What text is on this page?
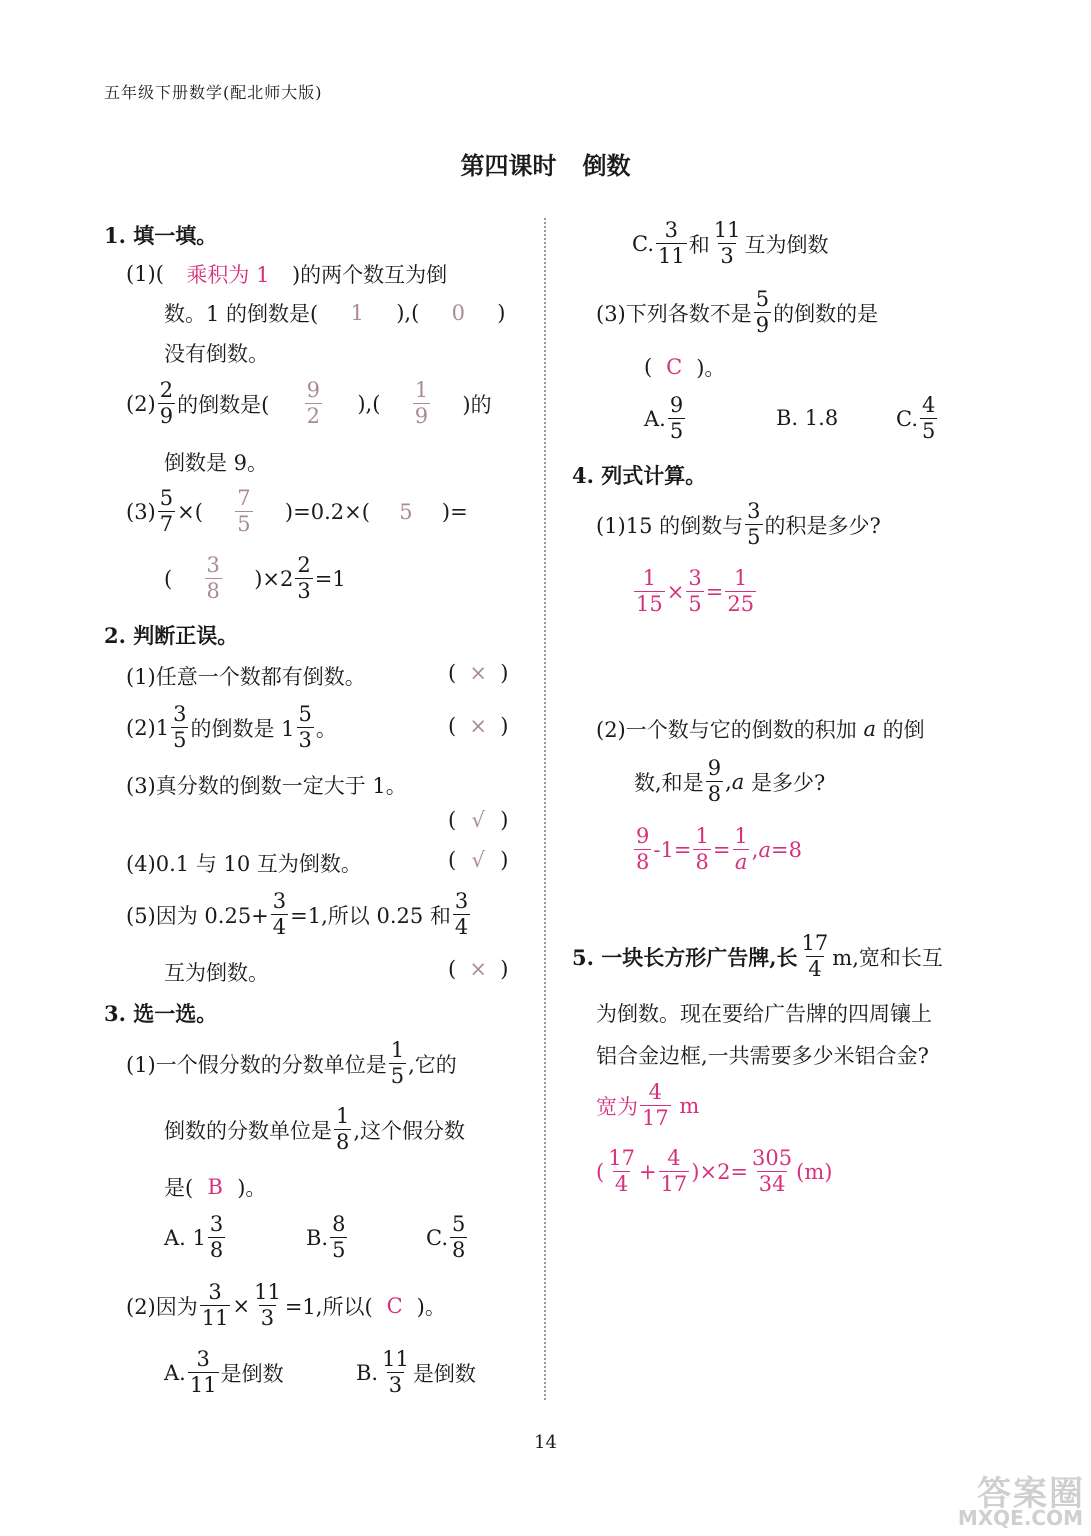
五年级下册数学(配北师大版)
第四课时 倒数
1. 填一填。
(1)(	乘积为 1	)的两个数互为倒
数。1 的倒数是(	1	),(	0	)
没有倒数。
$(2) \frac{2}{9}$ 的倒数是( $\frac{9}{2}$ ),( $\frac{1}{9}$ )的
倒数是 9。
$(3) \frac{5}{7}$ ×( $\frac{7}{5} )=0.2\times$(	5	)=
( $\frac{3}{8} )\times 2 \frac{2}{3} =1$
2. 判断正误。
(1)任意一个数都有倒数。	( × )
$(2)1 \frac{3}{5}$ 的倒数是 $1 \frac{5}{3}$ 。	( × )
(3)真分数的倒数一定大于 1。
( √ )
(4)0.1 与 10 互为倒数。	( √ )
(5)因为 $0.25+ \frac{3}{4} =1$,所以 0.25 和 $\frac{3}{4}$
互为倒数。	( × )
3. 选一选。
(1)一个假分数的分数单位是 $\frac{1}{5}$ ,它的
倒数的分数单位是 $\frac{1}{8}$ ,这个假分数
是( B )。
A. $1 \frac{3}{8}$	B. $\frac{8}{5}$	C. $\frac{5}{8}$
(2)因为 $\frac{3}{11} \times \frac{11}{3} =1$,所以( C )。
A. $\frac{3}{11}$ 是倒数	B. $\frac{11}{3}$ 是倒数
C. $\frac{3}{11}$ 和 $\frac{11}{3}$ 互为倒数
(3)下列各数不是 $\frac{5}{9}$ 的倒数的是
( C )。
A. $\frac{9}{5}$	B. 1.8	C. $\frac{4}{5}$
4. 列式计算。
(1)15 的倒数与 $\frac{3}{5}$ 的积是多少?
$\frac{1}{15} \times \frac{3}{5} = \frac{1}{25}$
(2)一个数与它的倒数的积加
a
的倒
数,和是 $\frac{9}{8}$ , a
是多少?
$\frac{9}{8} -1= \frac{1}{8} = \frac{1}{a}$ , a =8
5. 一块长方形广告牌,长 $\frac{17}{4} m$,宽和长互
为倒数。现在要给广告牌的四周镶上
铝合金边框,一共需要多少米铝合金?
宽为 $\frac{4}{17}$
m
( $\frac{17}{4} + \frac{4}{17} )\times 2= \frac{305}{34} (m)$
14
答案圈
MXQE.COM
